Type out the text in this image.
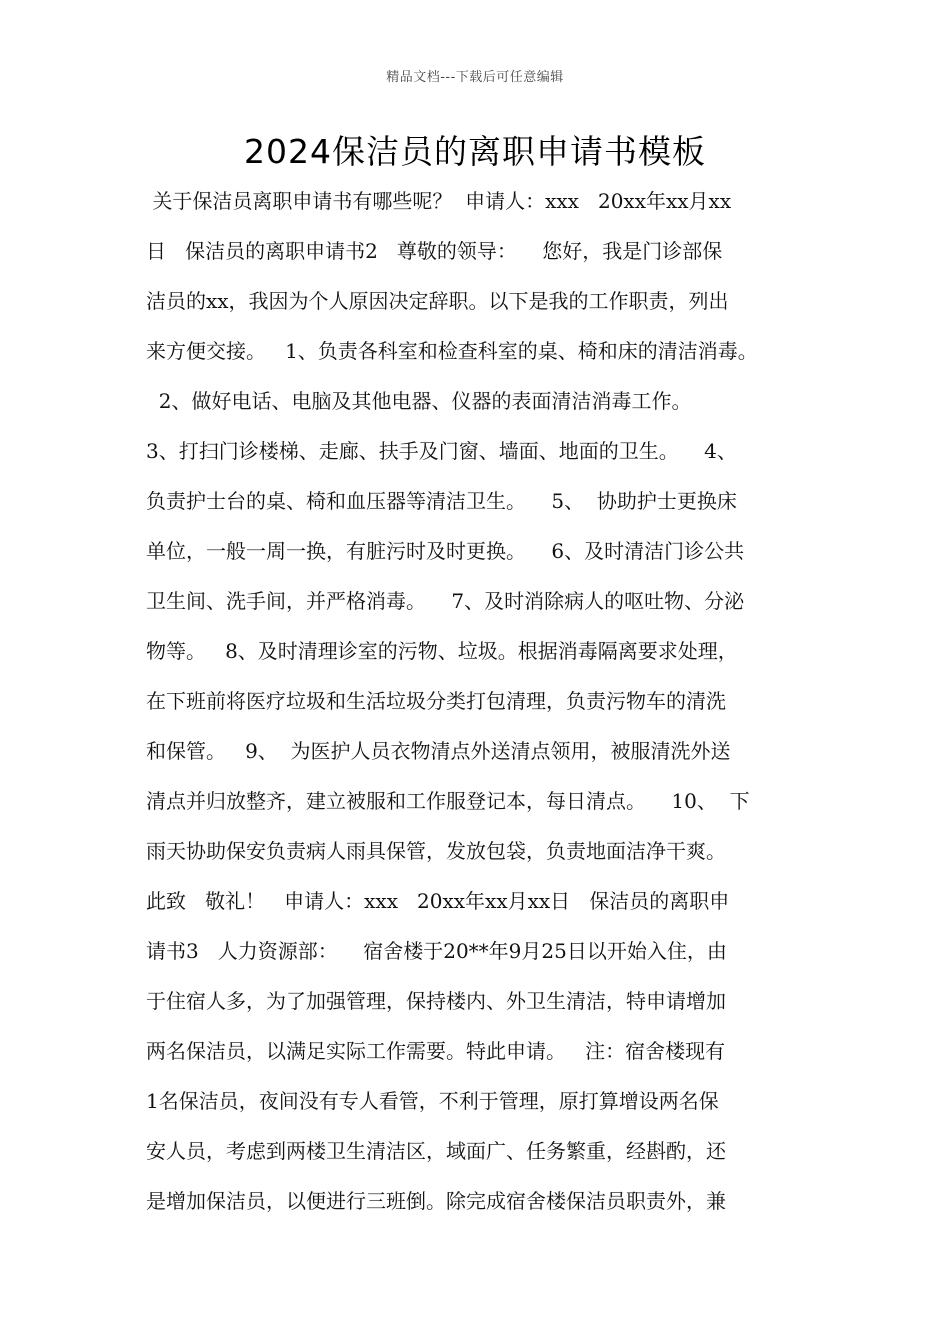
精品文档---下载后可任意编辑
2024保洁员的离职申请书模板
关于保洁员离职申请书有哪些呢？  申请人：xxx   20xx年xx月xx
日   保洁员的离职申请书2   尊敬的领导：    您好，我是门诊部保
洁员的xx，我因为个人原因决定辞职。以下是我的工作职责，列出
来方便交接。   1、负责各科室和检查科室的桌、椅和床的清洁消毒。
2、做好电话、电脑及其他电器、仪器的表面清洁消毒工作。
3、打扫门诊楼梯、走廊、扶手及门窗、墙面、地面的卫生。    4、
负责护士台的桌、椅和血压器等清洁卫生。    5、  协助护士更换床
单位，一般一周一换，有脏污时及时更换。    6、及时清洁门诊公共
卫生间、洗手间，并严格消毒。    7、及时消除病人的呕吐物、分泌
物等。   8、及时清理诊室的污物、垃圾。根据消毒隔离要求处理，
在下班前将医疗垃圾和生活垃圾分类打包清理，负责污物车的清洗
和保管。   9、  为医护人员衣物清点外送清点领用，被服清洗外送
清点并归放整齐，建立被服和工作服登记本，每日清点。    10、  下
雨天协助保安负责病人雨具保管，发放包袋，负责地面洁净干爽。
此致   敬礼！   申请人：xxx   20xx年xx月xx日   保洁员的离职申
请书3   人力资源部：    宿舍楼于20**年9月25日以开始入住，由
于住宿人多，为了加强管理，保持楼内、外卫生清洁，特申请增加
两名保洁员，以满足实际工作需要。特此申请。   注：宿舍楼现有
1名保洁员，夜间没有专人看管，不利于管理，原打算增设两名保
安人员，考虑到两楼卫生清洁区，域面广、任务繁重，经斟酌，还
是增加保洁员，以便进行三班倒。除完成宿舍楼保洁员职责外，兼
